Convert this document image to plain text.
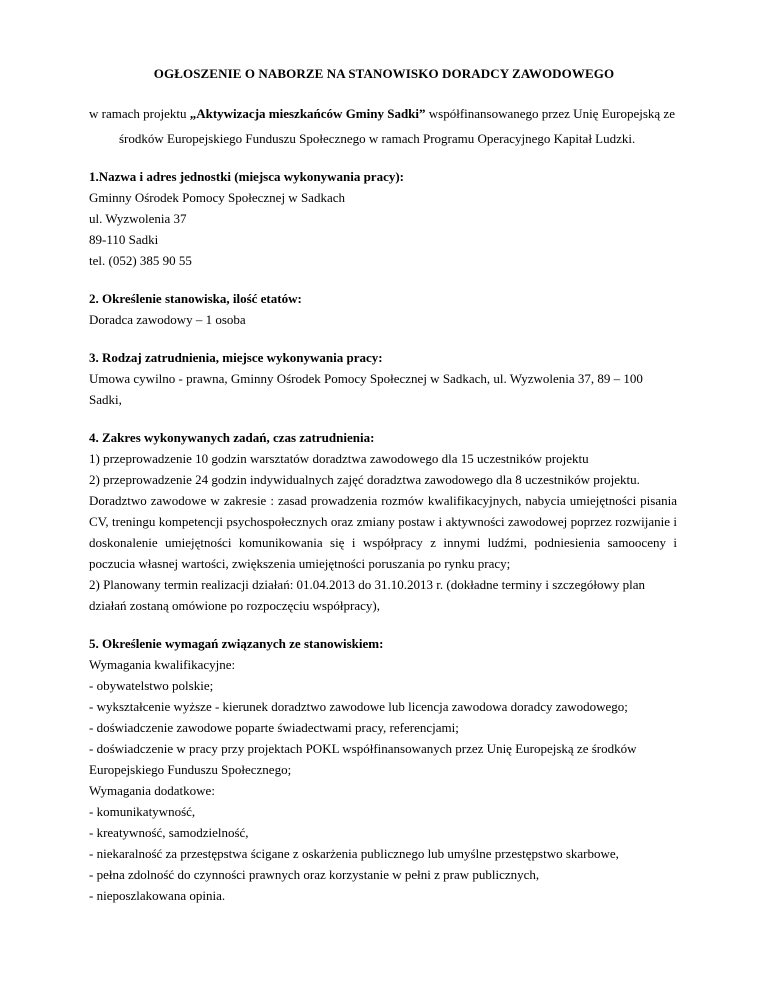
OGŁOSZENIE O NABORZE NA STANOWISKO DORADCY ZAWODOWEGO
w ramach projektu „Aktywizacja mieszkańców Gminy Sadki” współfinansowanego przez Unię Europejską ze
środków Europejskiego Funduszu Społecznego w ramach Programu Operacyjnego Kapitał Ludzki.
1.Nazwa i adres jednostki (miejsca wykonywania pracy):
Gminny Ośrodek Pomocy Społecznej w Sadkach
ul. Wyzwolenia 37
89-110 Sadki
tel. (052) 385 90 55
2. Określenie stanowiska, ilość etatów:
Doradca zawodowy – 1 osoba
3. Rodzaj zatrudnienia, miejsce wykonywania pracy:
Umowa cywilno - prawna, Gminny Ośrodek Pomocy Społecznej w Sadkach, ul. Wyzwolenia 37, 89 – 100
Sadki,
4. Zakres wykonywanych zadań, czas zatrudnienia:
1) przeprowadzenie 10 godzin warsztatów doradztwa zawodowego dla 15 uczestników projektu
2) przeprowadzenie 24 godzin indywidualnych zajęć doradztwa zawodowego dla 8 uczestników projektu.
Doradztwo zawodowe w zakresie : zasad prowadzenia rozmów kwalifikacyjnych, nabycia umiejętności pisania
CV, treningu kompetencji psychospołecznych oraz zmiany postaw i aktywności zawodowej poprzez rozwijanie i
doskonalenie umiejętności komunikowania się i współpracy z innymi ludźmi, podniesienia samooceny i
poczucia własnej wartości, zwiększenia umiejętności poruszania po rynku pracy;
2) Planowany termin realizacji działań: 01.04.2013 do 31.10.2013 r. (dokładne terminy i szczegółowy plan
działań zostaną omówione po rozpoczęciu współpracy),
5. Określenie wymagań związanych ze stanowiskiem:
Wymagania kwalifikacyjne:
- obywatelstwo polskie;
- wykształcenie wyższe - kierunek doradztwo zawodowe lub licencja zawodowa doradcy zawodowego;
- doświadczenie zawodowe poparte świadectwami pracy, referencjami;
- doświadczenie w pracy przy projektach POKL współfinansowanych przez Unię Europejską ze środków
Europejskiego Funduszu Społecznego;
Wymagania dodatkowe:
- komunikatywność,
- kreatywność, samodzielność,
- niekaralność za przestępstwa ścigane z oskarżenia publicznego lub umyślne przestępstwo skarbowe,
- pełna zdolność do czynności prawnych oraz korzystanie w pełni z praw publicznych,
- nieposzlakowana opinia.
